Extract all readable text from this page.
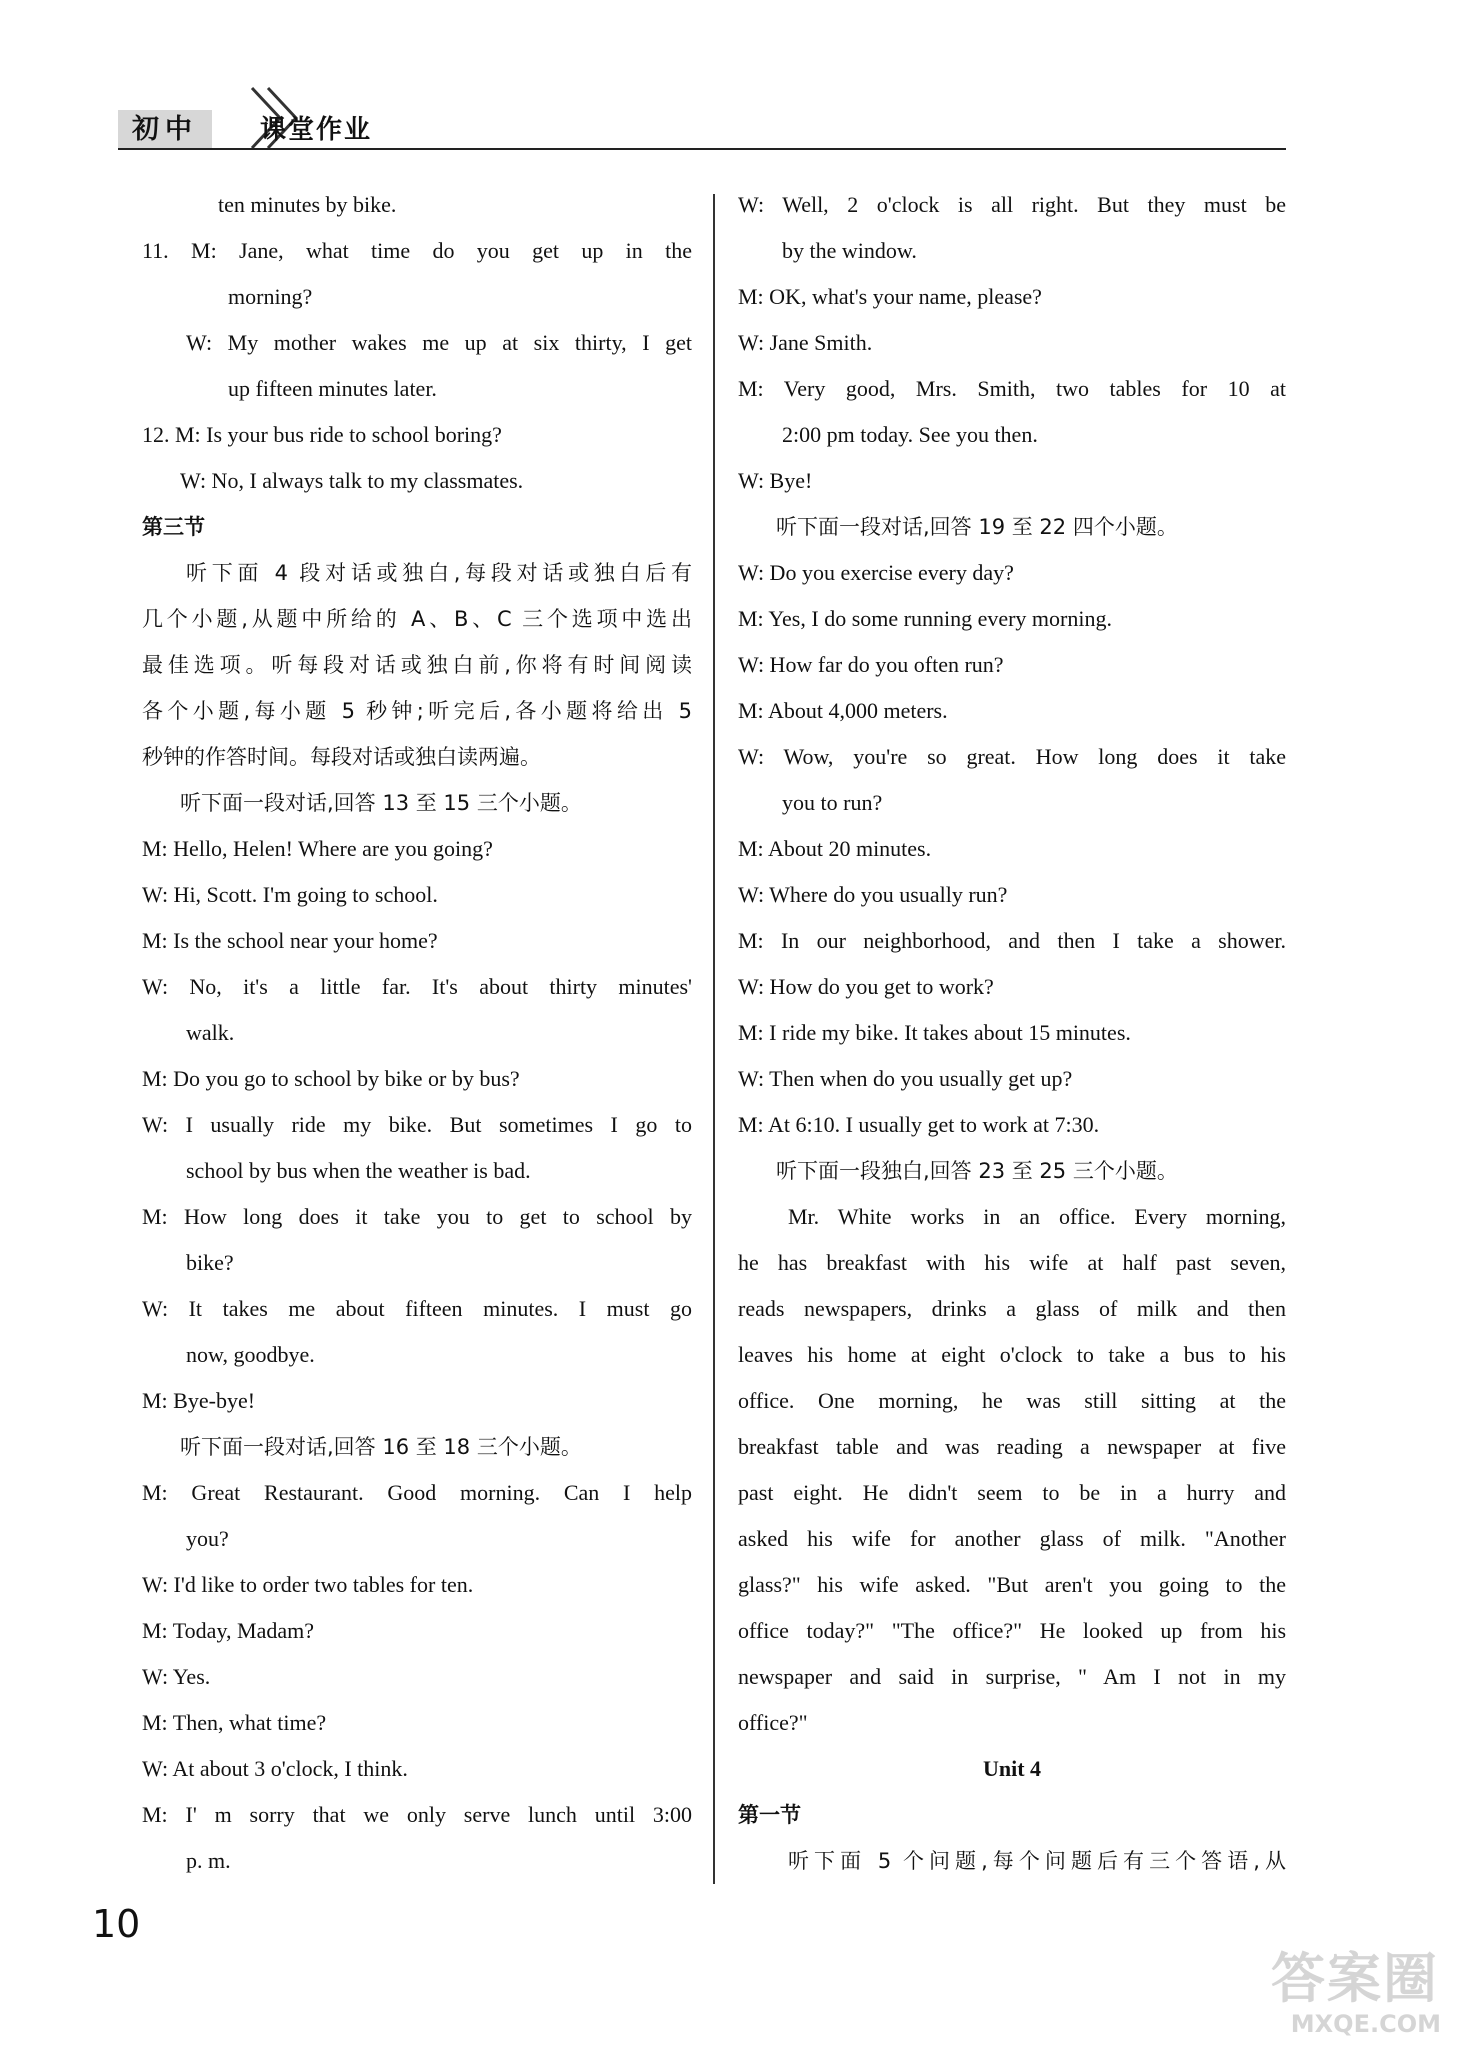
初中	课堂作业
ten minutes by bike.
11. M: Jane, what time do you get up in the
morning?
W: My mother wakes me up at six thirty, I get
up fifteen minutes later.
12. M: Is your bus ride to school boring?
W: No, I always talk to my classmates.
第三节
听下面 4 段对话或独白,每段对话或独白后有
几个小题,从题中所给的 A、B、C 三个选项中选出
最佳选项。听每段对话或独白前,你将有时间阅读
各个小题,每小题 5 秒钟;听完后,各小题将给出 5
秒钟的作答时间。每段对话或独白读两遍。
听下面一段对话,回答 13 至 15 三个小题。
M: Hello, Helen! Where are you going?
W: Hi, Scott. I'm going to school.
M: Is the school near your home?
W: No, it's a little far. It's about thirty minutes'
walk.
M: Do you go to school by bike or by bus?
W: I usually ride my bike. But sometimes I go to
school by bus when the weather is bad.
M: How long does it take you to get to school by
bike?
W: It takes me about fifteen minutes. I must go
now, goodbye.
M: Bye-bye!
听下面一段对话,回答 16 至 18 三个小题。
M: Great Restaurant. Good morning. Can I help
you?
W: I'd like to order two tables for ten.
M: Today, Madam?
W: Yes.
M: Then, what time?
W: At about 3 o'clock, I think.
M: I' m sorry that we only serve lunch until 3:00
p. m.
W: Well, 2 o'clock is all right. But they must be
by the window.
M: OK, what's your name, please?
W: Jane Smith.
M: Very good, Mrs. Smith, two tables for 10 at
2:00 pm today. See you then.
W: Bye!
听下面一段对话,回答 19 至 22 四个小题。
W: Do you exercise every day?
M: Yes, I do some running every morning.
W: How far do you often run?
M: About 4,000 meters.
W: Wow, you're so great. How long does it take
you to run?
M: About 20 minutes.
W: Where do you usually run?
M: In our neighborhood, and then I take a shower.
W: How do you get to work?
M: I ride my bike. It takes about 15 minutes.
W: Then when do you usually get up?
M: At 6:10. I usually get to work at 7:30.
听下面一段独白,回答 23 至 25 三个小题。
Mr. White works in an office. Every morning,
he has breakfast with his wife at half past seven,
reads newspapers, drinks a glass of milk and then
leaves his home at eight o'clock to take a bus to his
office. One morning, he was still sitting at the
breakfast table and was reading a newspaper at five
past eight. He didn't seem to be in a hurry and
asked his wife for another glass of milk. "Another
glass?" his wife asked. "But aren't you going to the
office today?" "The office?" He looked up from his
newspaper and said in surprise, " Am I not in my
office?"
Unit 4
第一节
听下面 5 个问题,每个问题后有三个答语,从
10
答案圈
MXQE.COM
